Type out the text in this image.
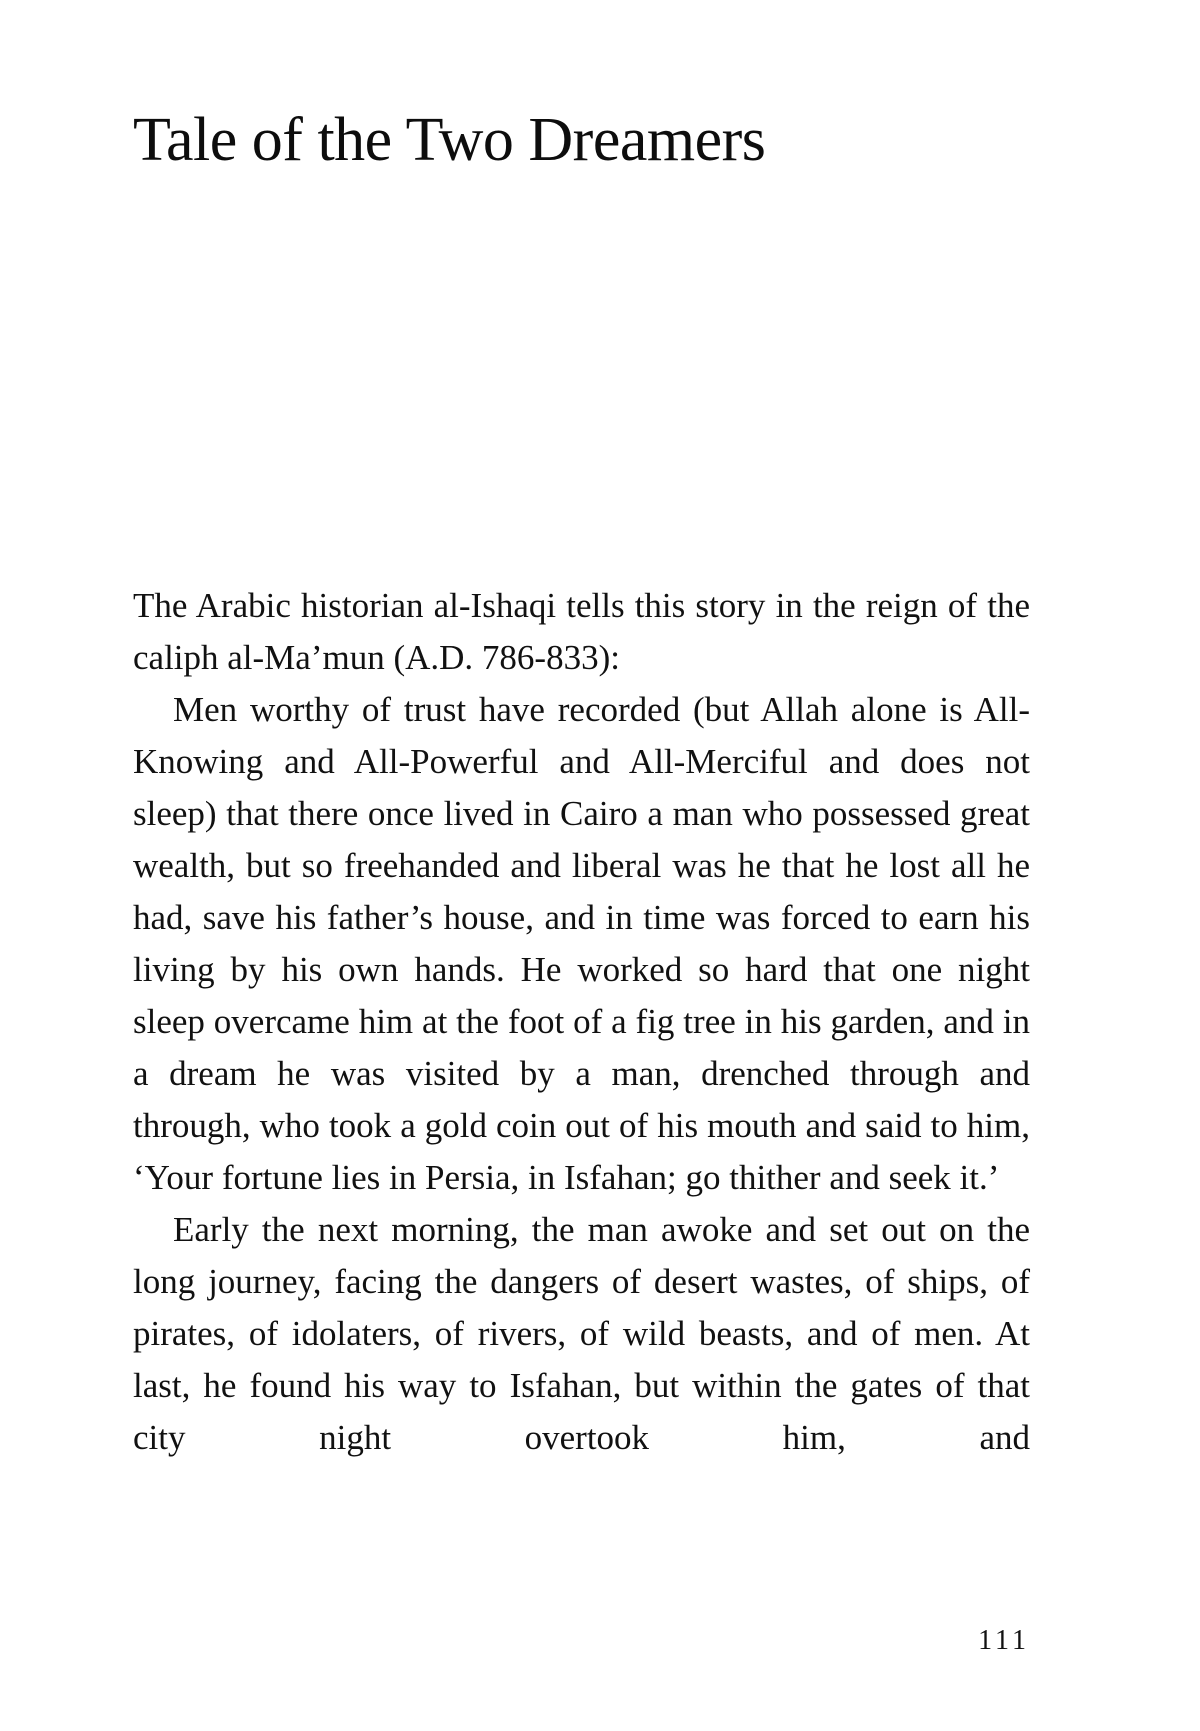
Tale of the Two Dreamers

The Arabic historian al-Ishaqi tells this story in the reign of the caliph al-Ma’mun (A.D. 786-833):

Men worthy of trust have recorded (but Allah alone is All-Knowing and All-Powerful and All-Merciful and does not sleep) that there once lived in Cairo a man who possessed great wealth, but so freehanded and liberal was he that he lost all he had, save his father’s house, and in time was forced to earn his living by his own hands. He worked so hard that one night sleep overcame him at the foot of a fig tree in his garden, and in a dream he was visited by a man, drenched through and through, who took a gold coin out of his mouth and said to him, ‘Your fortune lies in Persia, in Isfahan; go thither and seek it.’

Early the next morning, the man awoke and set out on the long journey, facing the dangers of desert wastes, of ships, of pirates, of idolaters, of rivers, of wild beasts, and of men. At last, he found his way to Isfahan, but within the gates of that city night overtook him, and

111
